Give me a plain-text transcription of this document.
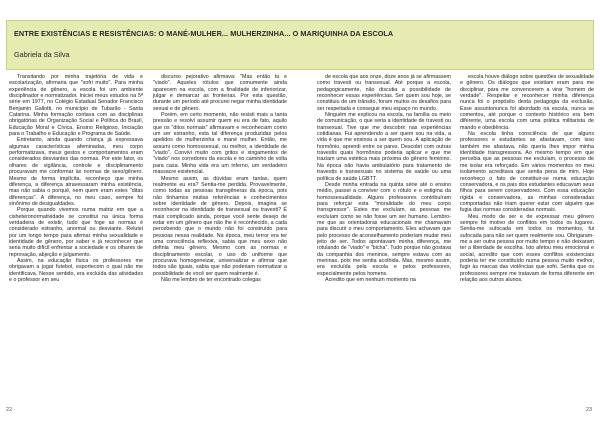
ENTRE EXISTÊNCIAS E RESISTÊNCIAS: O MANÉ-MULHER... MULHERZINHA... O MARIQUINHA DA ESCOLA

Gabriela da Silva

Transitando por minha trajetória de vida e escolarização, afirmaria que "sofri muito". Para minha experiência de gênero, a escola foi um ambiente disciplinador e normatizador. Iniciei meus estudos na 5ª série em 1977, no Colégio Estadual Senador Francisco Benjamin Gallotti, no município de Tubarão - Santa Catarina. Minha formação contava com as disciplinas obrigatórias de Organização Social e Política do Brasil, Educação Moral e Cívica, Ensino Religioso, Iniciação para o Trabalho e Educação e Programa de Saúde.

Entretanto, ainda quando criança já expressava algumas características afeminadas, meu corpo performatizava, meus gestos e comportamentos eram considerados desviantes das normas. Por este fator, os olhares de vigilância, controle e disciplinamento procuravam me conformar às normas de sexo/gênero. Mesmo de forma implícita, reconheço que minha diferença, a diferença atravessaram minha existência, mas não sabia o porquê, nem quem eram estes "ditas diferenças". A diferença, no meu caso, sempre foi sinônimo de desigualdades.

Porque quando vivemos numa matriz em que a cisheteronormatividade se constitui na única forma verdadeira de existir, tudo que foge as normas é considerado estranho, anormal ou desviante. Relutei por um longo tempo para afirmar minha sexualidade e identidade de gênero, por saber e já reconhecer que seria muito difícil enfrentar a sociedade e os olhares de reprovação, abjeção e julgamento.

Assim, na educação física os professores me obrigavam a jogar futebol, esportecom o qual não me identificava. Nesse sentido, era excluída das atividades e o professor em seu

discurso pejorativo afirmava: "Mas então tu e "viado". Aqueles rótulos que comumente ainda aparecem na escola, com a finalidade de inferiorizar, julgar e demarcar as fronteiras. Por esta questão, durante um período até procurei negar minha identidade sexual e de gênero.

Porém, em certo momento, não resisti mais a tanta pressão e resolvi assumir quem eu era de fato, aquilo que os "ditos normais" afirmavam e reconheciam como um ser estranho, esta tal diferença produzidas pelos apelidos de mulherzinha e mané mulher. Então, me assumi como homossexual, ou melhor, a identidade de "viado". Convivi muito com gritos e xingamentos de "viado" nos corredores da escola e no caminho de volta para casa. Minha vida era um inferno, um verdadeiro massacre existencial.

Mesmo assim, as dúvidas eram tantas, quem realmente eu era? Sentia-me perdida. Provavelmente, como todas as pessoas transgêneras da época, pois não tínhamos muitas referências e conhecimentos sobre identidade de gênero. Depois, imagina se reconhecer na identidade de transexual ou travesti? É mais complicado ainda, porque você sente desejo de estar em um gênero que não lhe é reconhecido, a cada percebendo que o mundo não foi construído para pessoas nessa realidade. Na época, meu terror era ter uma consciência reflexiva, sabia que meu sexo não definia meu gênero. Mesmo com as normas e disciplinamento escolar, o uso do uniforme que procurava homogeneizar, universalizar e afirmar que todos são iguais, sabia que não poderiam normatizar a possibilidade de você ser quem realmente é.

Não me lembro de ter encontrado colegas

de escola que aos onze, doze anos já se afirmassem como travesti ou transexual. Até porque a escola, pedagogicamente, não discutia a possibilidade de reconhecer essas experiências. Ser quem sou hoje, se constituiu de um trânsito, foram muitos os desafios para ser respeitada e conseguir meu espaço no mundo.

Ninguém me explicou na escola, na família ou meio de comunicação, o que seria a identidade de travesti ou transexual. Tive que me descobrir nas experiências cotidianas. Fui aprendendo a ser quem sou na vida, a vida é que me ensinou a ser quem sou. A aplicação de hormônio, aprendi entre os pares. Descobri com outras travestis quais hormônios poderia aplicar e que me traziam uma estética mais próxima do gênero feminino. Na época não havia ambulatório para tratamento de travestis e transexuais no sistema de saúde ou uma política de saúde LGBTT.

Desde minha entrada na quinta série até o ensino médio, passei a conviver com o rótulo e o estigma da homossexualidade. Alguns professores contribuíram para reforçar esta "moralidade do meu corpo transgressor". Estes me excluíam, as pessoas me excluíam como se não fosse um ser humano. Lembro-me que as orientadoras educacionais me chamavam para discutir o meu comportamento. Eles achavam que pelo processo de aconselhamento poderiam mudar meu jeito de ser. Todos apontavam minha diferença, me rotulando de "viado" e "bicha". Tudo porque não gostava da companhia dos meninos, sempre estava com as meninas, pois me sentia acolhida. Mas, mesmo assim, era excluída pela escola e pelos professores, especialmente pelos homens.

Acredito que em nenhum momento na

escola houve diálogo sobre questões de sexualidade e gênero. Os diálogos que existiam eram para me disciplinar, para me convencerem a virar "homem de verdade". Respeitar e reconhecer minha diferença nunca foi o propósito desta pedagogia da exclusão. Esse assuntonunca foi abordado na escola, nunca se comentou, até porque o contexto histórico era bem diferente, uma escola com uma prática militarista de mando e obediência.

Na escola tinha consciência de que alguns professores e estudantes se afastavam, com isso também me afastava, não queria lhes impor minha identidade transgressora. Ao mesmo tempo em que percebia que as pessoas me excluíam, o processo de me isolar era reforçado. Em vários momentos no meu isolamento acreditava que sentia pena de mim. Hoje reconheço o fato de constituir-se numa educação conservadora, e os pais dos estudantes educavam seus filhos para serem conservadores. Com essa educação rígida e conservadora, as minhas consideradas comportadas não iriam querer estar com alguém que fugia das normas consideradas normais.

Meu modo de ser e de expressar meu gênero sempre foi motivo de conflitos em todos os lugares. Sentia-me sufocada em todos os momentos, fui sufocada para não ser quem realmente sou. Obrigaram-me a ser outra pessoa por muito tempo e não deixaram ter a liberdade de escolha. Isto afetou meu emocional e social, acredito que com esses conflitos existenciais poderia ter me constituído numa pessoa muito melhor, fugir às marcas das violências que sofri. Sentia que os professores sempre me tratavam de forma diferente em relação aos outros alunos.

22	23
